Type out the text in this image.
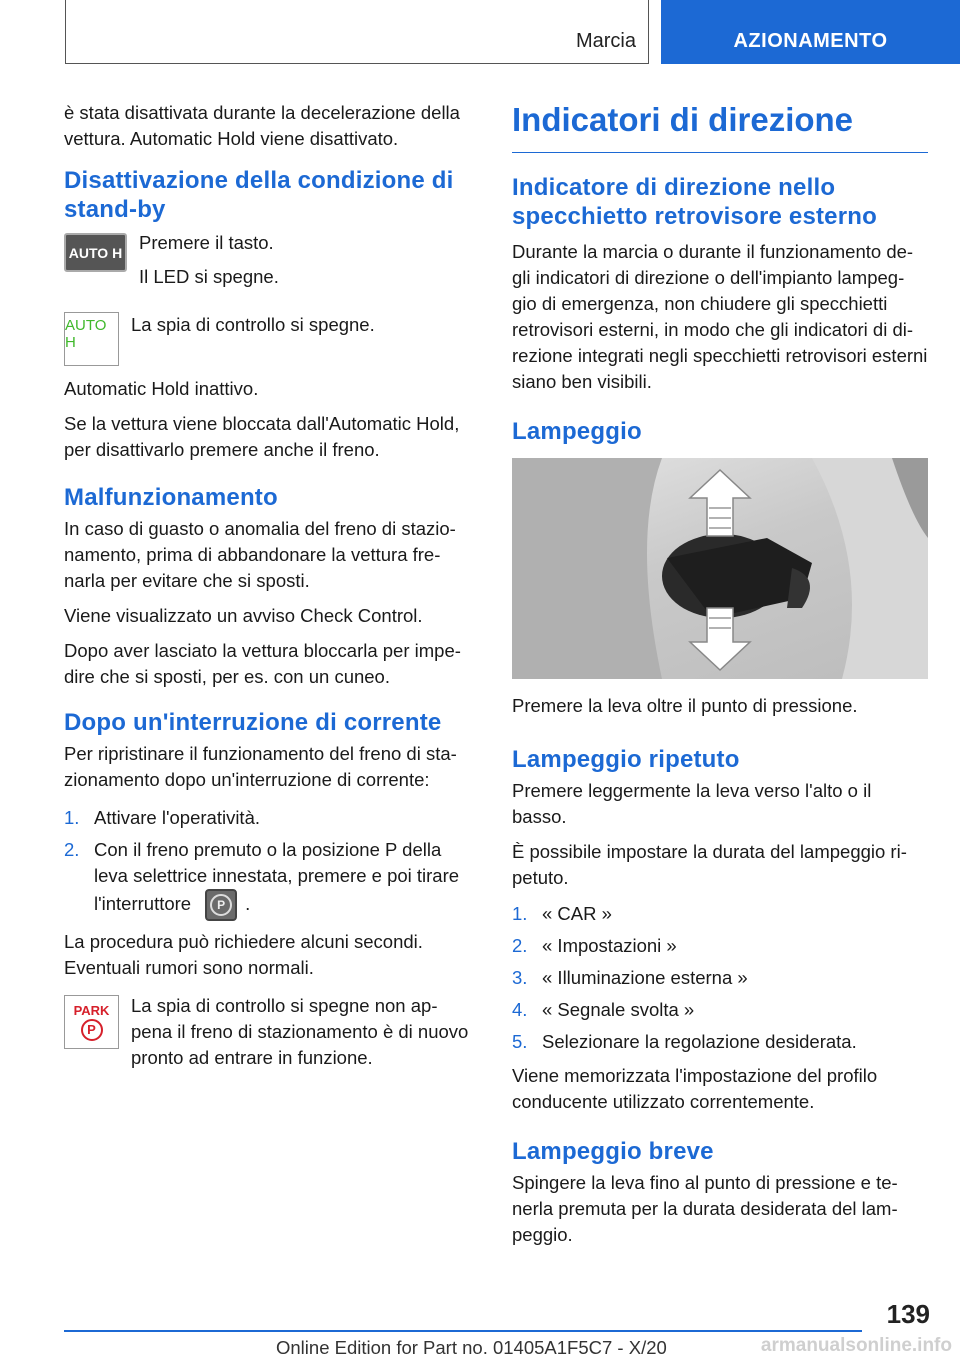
Marcia	AZIONAMENTO

è stata disattivata durante la decelerazione della vettura. Automatic Hold viene disattivato.

Disattivazione della condizione di stand-by
AUTO H Premere il tasto.

Il LED si spegne.

AUTO H

La spia di controllo si spegne.

Automatic Hold inattivo.

Se la vettura viene bloccata dall'Automatic Hold, per disattivarlo premere anche il freno.

Malfunzionamento

In caso di guasto o anomalia del freno di stazio-namento, prima di abbandonare la vettura fre-narla per evitare che si sposti.

Viene visualizzato un avviso Check Control.

Dopo aver lasciato la vettura bloccarla per impe-dire che si sposti, per es. con un cuneo.

Dopo un'interruzione di corrente

Per ripristinare il funzionamento del freno di sta-zionamento dopo un'interruzione di corrente:

1. Attivare l'operatività.
2. Con il freno premuto o la posizione P della leva selettrice innestata, premere e poi tirare l'interruttore	P	.

La procedura può richiedere alcuni secondi.

Eventuali rumori sono normali.

PARK
P

La spia di controllo si spegne non ap-pena il freno di stazionamento è di nuovo pronto ad entrare in funzione.

Indicatori di direzione
Indicatore di direzione nello specchietto retrovisore esterno

Durante la marcia o durante il funzionamento de-gli indicatori di direzione o dell'impianto lampeg-gio di emergenza, non chiudere gli specchietti retrovisori esterni, in modo che gli indicatori di di-rezione integrati negli specchietti retrovisori esterni siano ben visibili.

Lampeggio

Premere la leva oltre il punto di pressione.

Lampeggio ripetuto

Premere leggermente la leva verso l'alto o il basso.

È possibile impostare la durata del lampeggio ri-petuto.

1. « CAR »
2. « Impostazioni »
3. « Illuminazione esterna »
4. « Segnale svolta »
5. Selezionare la regolazione desiderata.

Viene memorizzata l'impostazione del profilo conducente utilizzato correntemente.

Lampeggio breve

Spingere la leva fino al punto di pressione e te-nerla premuta per la durata desiderata del lam-peggio.

139
Online Edition for Part no. 01405A1F5C7 - X/20	armanualsonline.info
